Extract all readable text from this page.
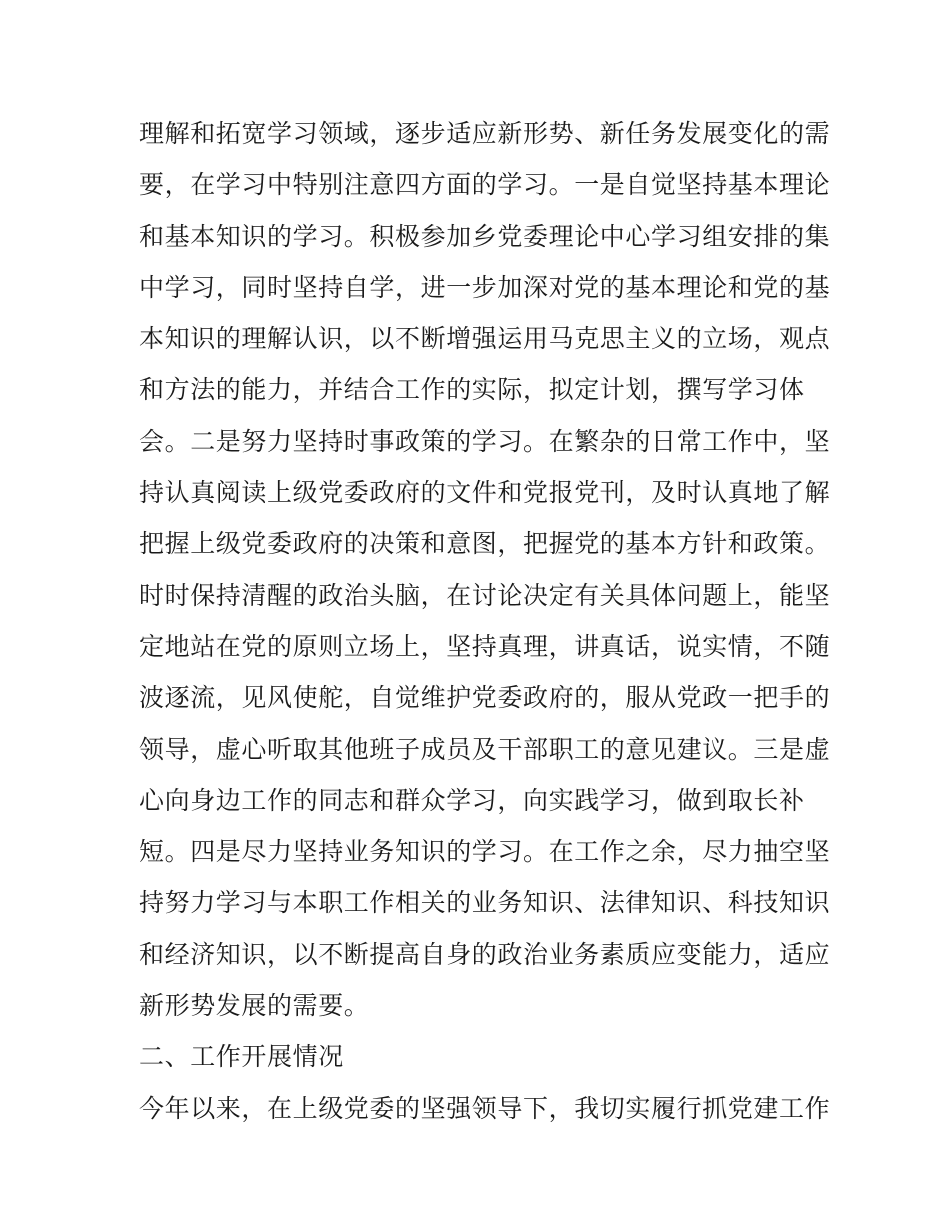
理解和拓宽学习领域，逐步适应新形势、新任务发展变化的需
要，在学习中特别注意四方面的学习。一是自觉坚持基本理论
和基本知识的学习。积极参加乡党委理论中心学习组安排的集
中学习，同时坚持自学，进一步加深对党的基本理论和党的基
本知识的理解认识，以不断增强运用马克思主义的立场，观点
和方法的能力，并结合工作的实际，拟定计划，撰写学习体
会。二是努力坚持时事政策的学习。在繁杂的日常工作中，坚
持认真阅读上级党委政府的文件和党报党刊，及时认真地了解
把握上级党委政府的决策和意图，把握党的基本方针和政策。
时时保持清醒的政治头脑，在讨论决定有关具体问题上，能坚
定地站在党的原则立场上，坚持真理，讲真话，说实情，不随
波逐流，见风使舵，自觉维护党委政府的，服从党政一把手的
领导，虚心听取其他班子成员及干部职工的意见建议。三是虚
心向身边工作的同志和群众学习，向实践学习，做到取长补
短。四是尽力坚持业务知识的学习。在工作之余，尽力抽空坚
持努力学习与本职工作相关的业务知识、法律知识、科技知识
和经济知识，以不断提高自身的政治业务素质应变能力，适应
新形势发展的需要。
二、工作开展情况
今年以来，在上级党委的坚强领导下，我切实履行抓党建工作
